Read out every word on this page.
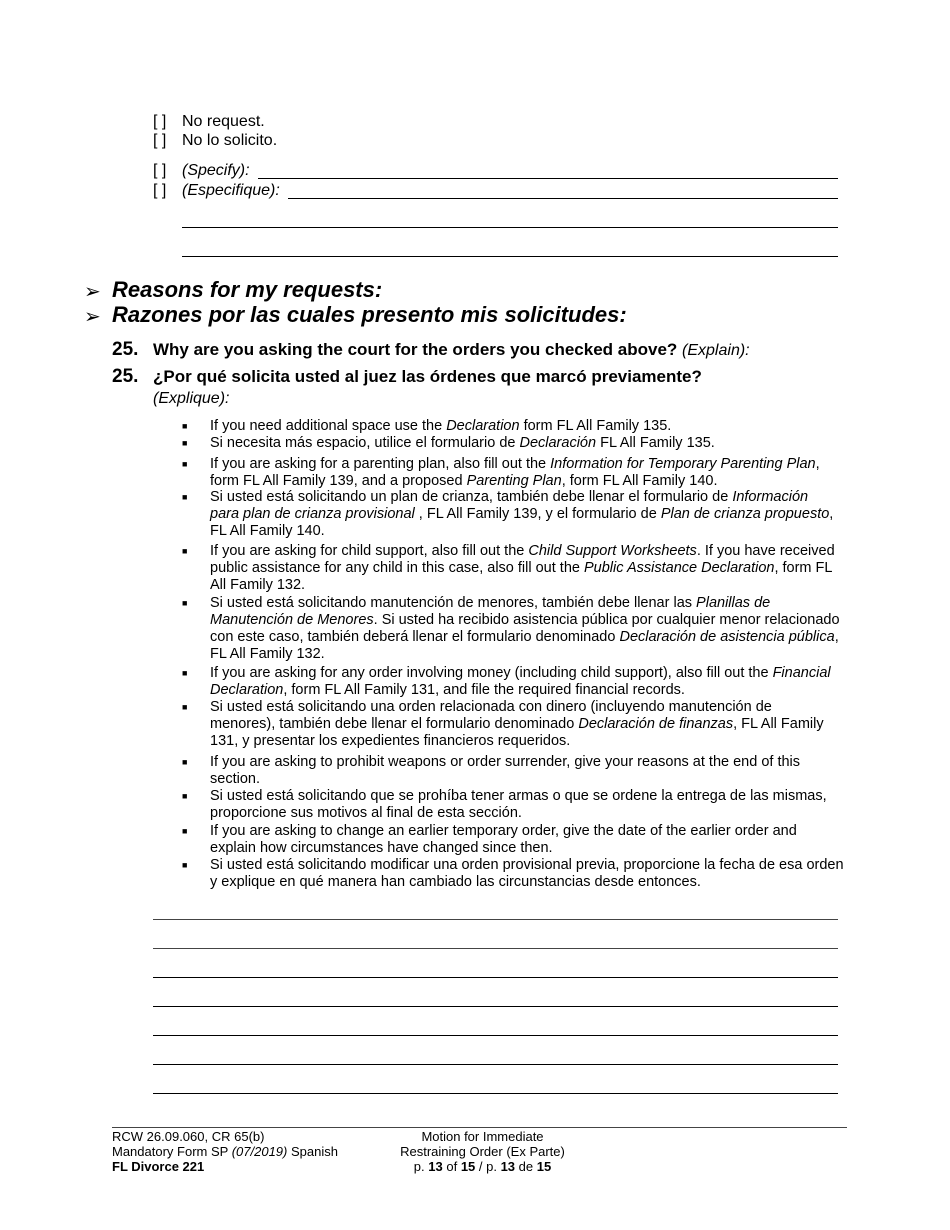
[ ] No request.
[ ] No lo solicito.
[ ] (Specify):
[ ] (Especifique):
➢ Reasons for my requests:
➢ Razones por las cuales presento mis solicitudes:
25. Why are you asking the court for the orders you checked above? (Explain):
25. ¿Por qué solicita usted al juez las órdenes que marcó previamente?
(Explique):
■ If you need additional space use the Declaration form FL All Family 135.
■ Si necesita más espacio, utilice el formulario de Declaración FL All Family 135.
■ If you are asking for a parenting plan, also fill out the Information for Temporary Parenting Plan, form FL All Family 139, and a proposed Parenting Plan, form FL All Family 140.
■ Si usted está solicitando un plan de crianza, también debe llenar el formulario de Información para plan de crianza provisional , FL All Family 139, y el formulario de Plan de crianza propuesto, FL All Family 140.
■ If you are asking for child support, also fill out the Child Support Worksheets. If you have received public assistance for any child in this case, also fill out the Public Assistance Declaration, form FL All Family 132.
■ Si usted está solicitando manutención de menores, también debe llenar las Planillas de Manutención de Menores. Si usted ha recibido asistencia pública por cualquier menor relacionado con este caso, también deberá llenar el formulario denominado Declaración de asistencia pública, FL All Family 132.
■ If you are asking for any order involving money (including child support), also fill out the Financial Declaration, form FL All Family 131, and file the required financial records.
■ Si usted está solicitando una orden relacionada con dinero (incluyendo manutención de menores), también debe llenar el formulario denominado Declaración de finanzas, FL All Family 131, y presentar los expedientes financieros requeridos.
■ If you are asking to prohibit weapons or order surrender, give your reasons at the end of this section.
■ Si usted está solicitando que se prohíba tener armas o que se ordene la entrega de las mismas, proporcione sus motivos al final de esta sección.
■ If you are asking to change an earlier temporary order, give the date of the earlier order and explain how circumstances have changed since then.
■ Si usted está solicitando modificar una orden provisional previa, proporcione la fecha de esa orden y explique en qué manera han cambiado las circunstancias desde entonces.
RCW 26.09.060, CR 65(b)
Mandatory Form SP (07/2019) Spanish
FL Divorce 221
Motion for Immediate
Restraining Order (Ex Parte)
p. 13 of 15 / p. 13 de 15
